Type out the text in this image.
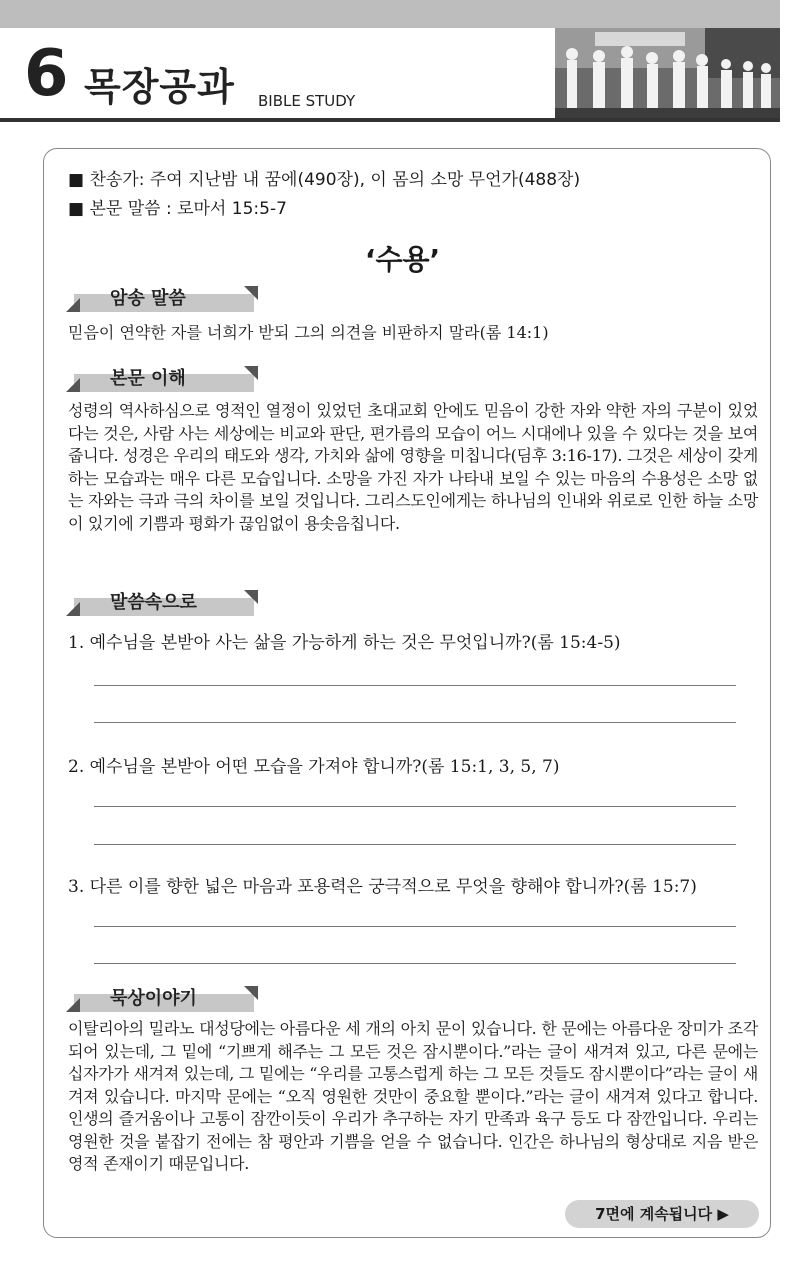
6 목장공과 BIBLE STUDY
■ 찬송가: 주여 지난밤 내 꿈에(490장), 이 몸의 소망 무언가(488장)
■ 본문 말씀 : 로마서 15:5-7
‘수용’
암송 말씀
믿음이 연약한 자를 너희가 받되 그의 의견을 비판하지 말라(롬 14:1)
본문 이해
성령의 역사하심으로 영적인 열정이 있었던 초대교회 안에도 믿음이 강한 자와 약한 자의 구분이 있었다는 것은, 사람 사는 세상에는 비교와 판단, 편가름의 모습이 어느 시대에나 있을 수 있다는 것을 보여줍니다. 성경은 우리의 태도와 생각, 가치와 삶에 영향을 미칩니다(딤후 3:16-17). 그것은 세상이 갖게 하는 모습과는 매우 다른 모습입니다. 소망을 가진 자가 나타내 보일 수 있는 마음의 수용성은 소망 없는 자와는 극과 극의 차이를 보일 것입니다. 그리스도인에게는 하나님의 인내와 위로로 인한 하늘 소망이 있기에 기쁨과 평화가 끊임없이 용솟음칩니다.
말씀속으로
1. 예수님을 본받아 사는 삶을 가능하게 하는 것은 무엇입니까?(롬 15:4-5)
2. 예수님을 본받아 어떤 모습을 가져야 합니까?(롬 15:1, 3, 5, 7)
3. 다른 이를 향한 넓은 마음과 포용력은 궁극적으로 무엇을 향해야 합니까?(롬 15:7)
묵상이야기
이탈리아의 밀라노 대성당에는 아름다운 세 개의 아치 문이 있습니다. 한 문에는 아름다운 장미가 조각되어 있는데, 그 밑에 “기쁘게 해주는 그 모든 것은 잠시뿐이다.”라는 글이 새겨져 있고, 다른 문에는 십자가가 새겨져 있는데, 그 밑에는 “우리를 고통스럽게 하는 그 모든 것들도 잠시뿐이다”라는 글이 새겨져 있습니다. 마지막 문에는 “오직 영원한 것만이 중요할 뿐이다.”라는 글이 새겨져 있다고 합니다. 인생의 즐거움이나 고통이 잠깐이듯이 우리가 추구하는 자기 만족과 육구 등도 다 잠깐입니다. 우리는 영원한 것을 붙잡기 전에는 참 평안과 기쁨을 얻을 수 없습니다. 인간은 하나님의 형상대로 지음 받은 영적 존재이기 때문입니다.
7면에 계속됩니다 ▶
